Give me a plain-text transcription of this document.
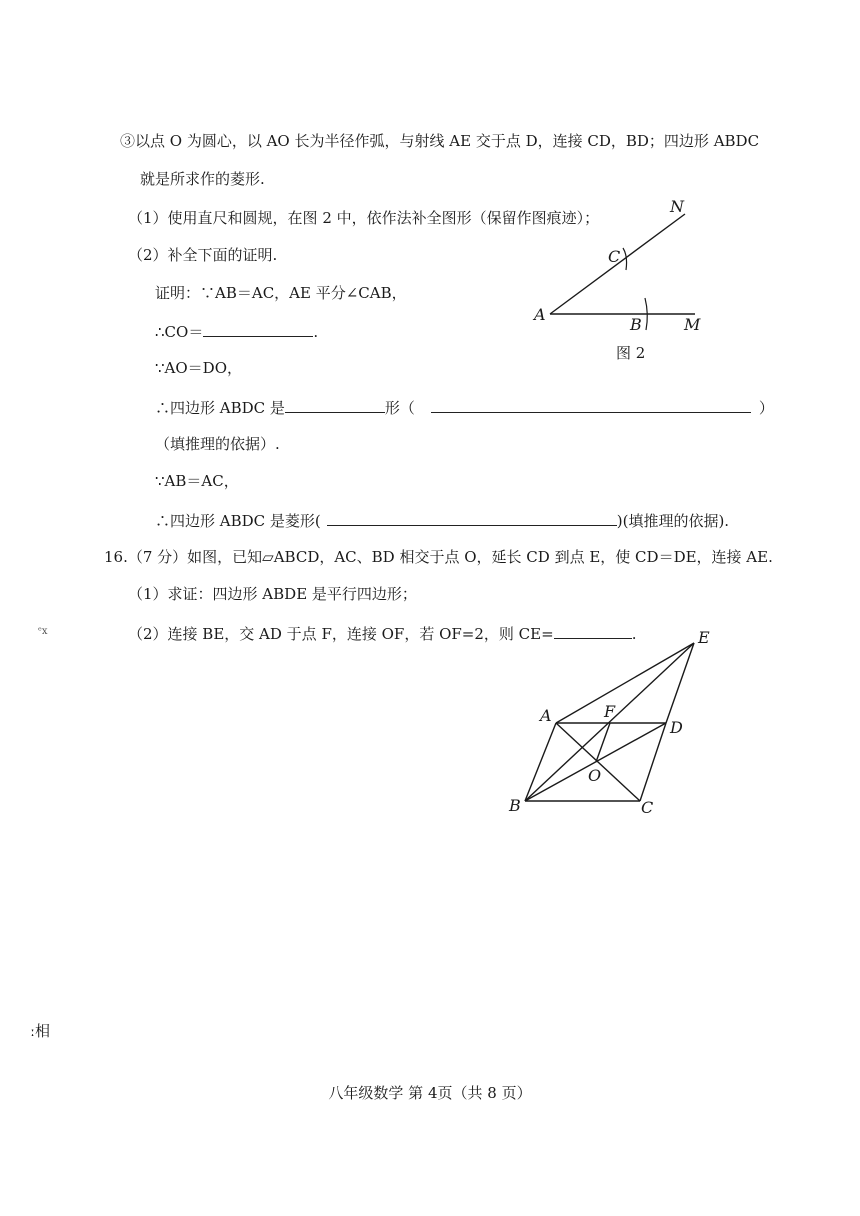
③以点 O 为圆心，以 AO 长为半径作弧，与射线 AE 交于点 D，连接 CD，BD；四边形 ABDC
就是所求作的菱形.
（1）使用直尺和圆规，在图 2 中，依作法补全图形（保留作图痕迹）；
（2）补全下面的证明.
证明：∵AB＝AC，AE 平分∠CAB，
∴CO＝	.
∵AO＝DO，
∴四边形 ABDC 是	形（	）
（填推理的依据）.
∵AB＝AC，
∴四边形 ABDC 是菱形(	)(填推理的依据).
N
C
A
B	M
图 2
16.（7 分）如图，已知▱ABCD，AC、BD 相交于点 O，延长 CD 到点 E，使 CD＝DE，连接 AE.
（1）求证：四边形 ABDE 是平行四边形；
（2）连接 BE，交 AD 于点 F，连接 OF，若 OF=2，则 CE=	.	E
A	F
D
O
B	C
ᵉx
ː相
八年级数学 第 4页（共 8 页）
